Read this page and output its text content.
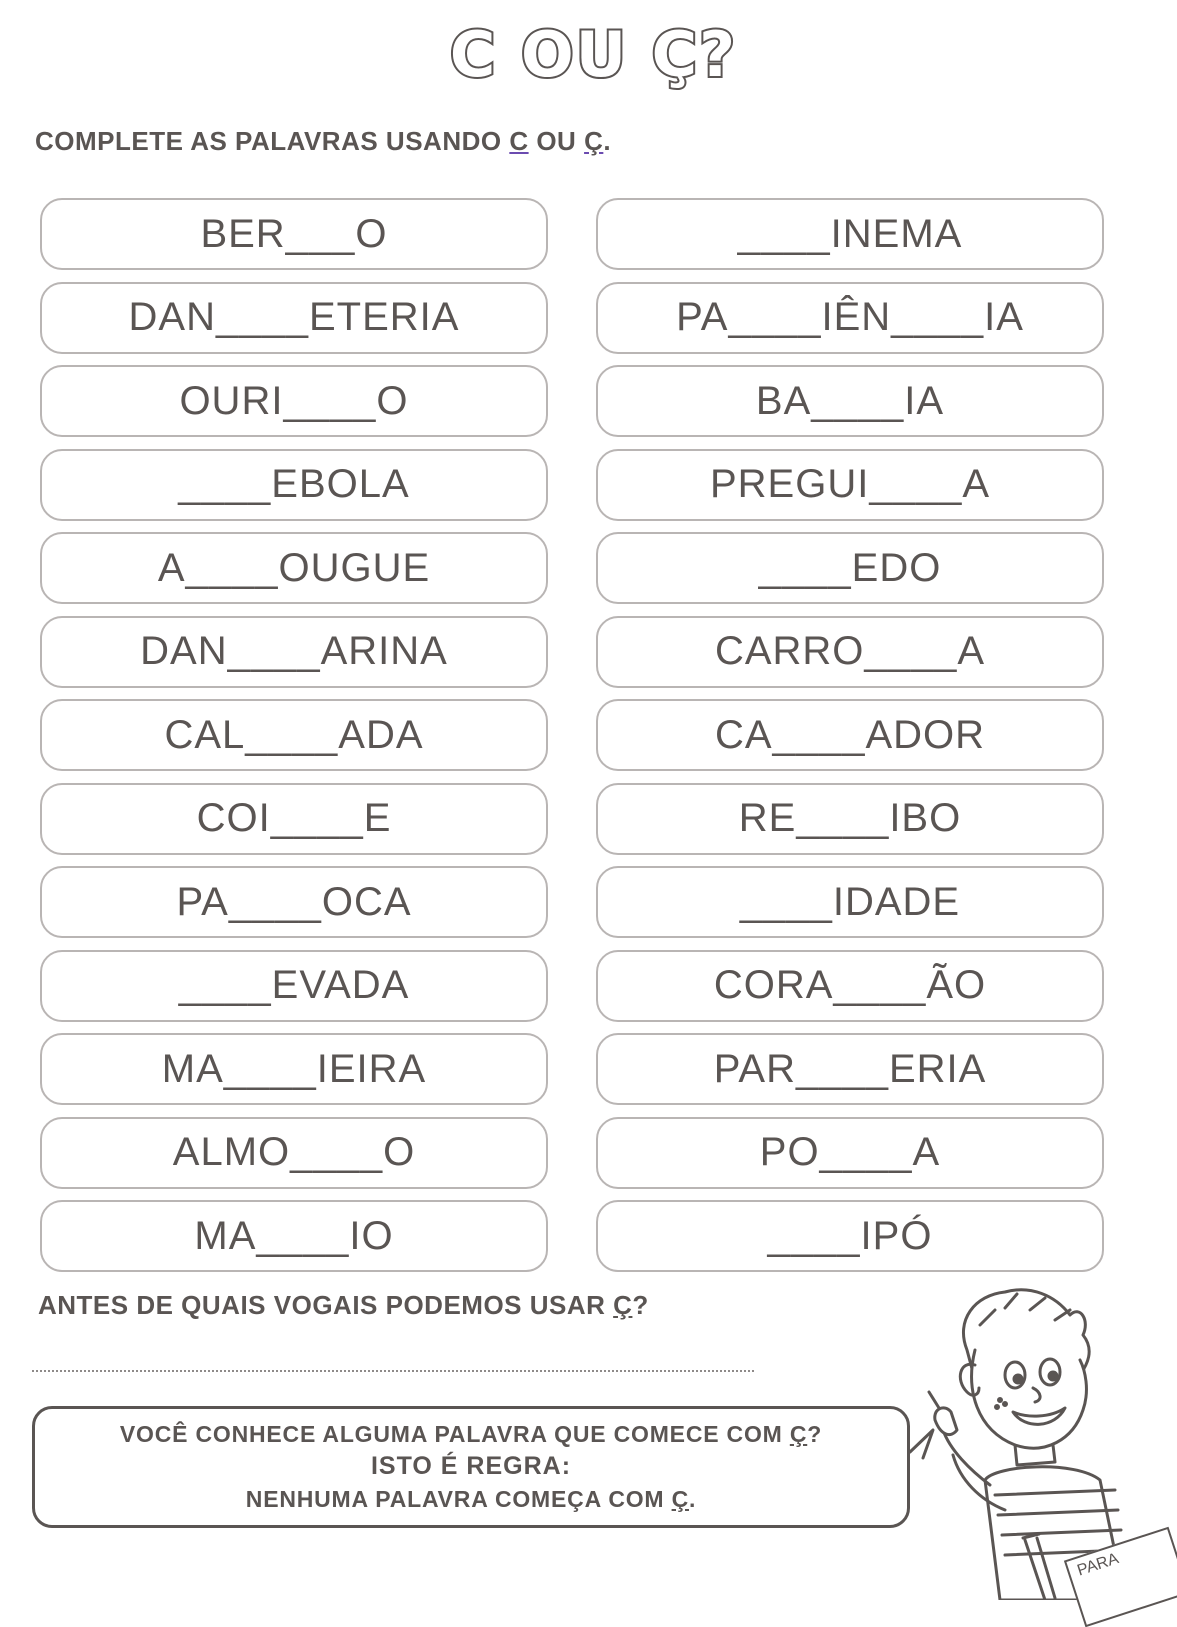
C OU Ç?
COMPLETE AS PALAVRAS USANDO C OU Ç.
BER___O
DAN____ETERIA
OURI____O
____EBOLA
A____OUGUE
DAN____ARINA
CAL____ADA
COI____E
PA____OCA
____EVADA
MA____IEIRA
ALMO____O
MA____IO
____INEMA
PA____IÊN____IA
BA____IA
PREGUI____A
____EDO
CARRO____A
CA____ADOR
RE____IBO
____IDADE
CORA____ÃO
PAR____ERIA
PO____A
____IPÓ
ANTES DE QUAIS VOGAIS PODEMOS USAR Ç?
VOCÊ CONHECE ALGUMA PALAVRA QUE COMECE COM Ç?
ISTO É REGRA:
NENHUMA PALAVRA COMEÇA COM Ç.
PARA
